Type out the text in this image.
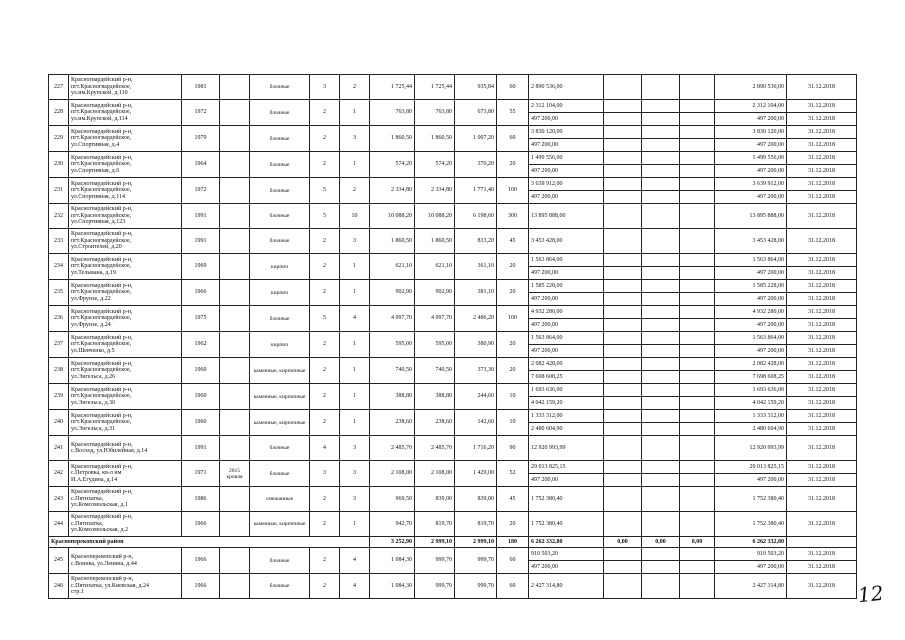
227	Красногвардейский р-н,
пгт.Красногвардейское,
ул.им.Крупской, д.110	1981		блочные	3	2	1 725,44	1 725,44	935,84	60	2 890 536,00				2 890 536,00	31.12.2018
228	Красногвардейский р-н,
пгт.Красногвардейское,
ул.им.Крупской, д.114	1972		блочные	2	1	763,80	763,80	673,80	55	2 312 104,00				2 312 104,00	31.12.2018
											497 200,00				497 200,00	31.12.2018
229	Красногвардейский р-н,
пгт.Красногвардейское,
ул.Спортивная, д.4	1979		блочные	2	3	1 860,50	1 860,50	1 007,20	60	3 830 120,00				3 830 120,00	31.12.2018
											497 200,00				497 200,00	31.12.2018
230	Красногвардейский р-н,
пгт.Красногвардейское,
ул.Спортивная, д.6	1964		блочные	2	1	574,20	574,20	370,20	20	1 499 556,00				1 499 556,00	31.12.2018
											497 200,00				497 200,00	31.12.2018
231	Красногвардейский р-н,
пгт.Красногвардейское,
ул.Спортивная, д.114	1972		блочные	5	2	2 334,80	2 334,80	1 771,40	100	3 639 912,00				3 639 912,00	31.12.2018
											497 200,00				497 200,00	31.12.2018
232	Красногвардейский р-н,
пгт.Красногвардейское,
ул.Спортивная, д.123	1991		блочные	5	10	10 088,20	10 088,20	6 198,60	300	13 895 888,00				13 895 888,00	31.12.2018
233	Красногвардейский р-н,
пгт.Красногвардейское,
ул.Строителей, д.20	1991		блочные	2	3	1 860,50	1 860,50	833,20	45	3 453 428,00				3 453 428,00	31.12.2018
234	Красногвардейский р-н,
пгт.Красногвардейское,
ул.Тельмана, д.19	1969		кирпич	2	1	621,10	621,10	361,10	20	1 563 864,00				1 563 864,00	31.12.2018
											497 200,00				497 200,00	31.12.2018
235	Красногвардейский р-н,
пгт.Красногвардейское,
ул.Фрунзе, д.22	1966		кирпич	2	1	902,90	902,90	381,10	20	1 585 228,00				1 585 228,00	31.12.2018
											497 200,00				497 200,00	31.12.2018
236	Красногвардейский р-н,
пгт.Красногвардейское,
ул.Фрунзе, д.24	1975		блочные	5	4	4 097,70	4 097,70	2 486,20	100	4 932 280,00				4 932 280,00	31.12.2018
											497 200,00				497 200,00	31.12.2018
237	Красногвардейский р-н,
пгт.Красногвардейское,
ул.Шевченко, д.5	1962		кирпич	2	1	595,00	595,00	380,90	20	1 563 864,00				1 563 864,00	31.12.2018
											497 200,00				497 200,00	31.12.2018
238	Красногвардейский р-н,
пгт.Красногвардейское,
ул.Энгельса, д.26	1960		каменные, кирпичные	2	1	740,50	740,50	373,30	20	2 082 428,00				2 082 428,00	31.12.2018
											7 698 608,25				7 698 608,25	31.12.2018
239	Красногвардейский р-н,
пгт.Красногвардейское,
ул.Энгельса, д.30	1960		каменные, кирпичные	2	1	388,80	388,80	244,60	10	1 693 636,00				1 693 636,00	31.12.2018
											4 042 159,20				4 042 159,20	31.12.2018
240	Красногвардейский р-н,
пгт.Красногвардейское,
ул.Энгельса, д.31	1960		каменные, кирпичные	2	1	238,60	238,60	142,60	10	1 333 312,00				1 333 312,00	31.12.2018
											2 480 604,90				2 480 604,90	31.12.2018
241	Красногвардейский р-н,
с.Восход, ул.Юбилейная, д.14	1991		блочные	4	3	2 485,70	2 485,70	1 716,20	90	12 920 993,99				12 920 993,99	31.12.2018
242	Красногвардейский р-н,
с.Петровка, кв-л им
И.А.Егудина, д.14	1971	2015 кровля	блочные	3	3	2 108,00	2 108,00	1 429,00	52	29 013 825,15				29 013 825,15	31.12.2018
											497 200,00				497 200,00	31.12.2018
243	Красногвардейский р-н,
с.Пятихатка,
ул.Комсомольская, д.1	1986		смешанные	2	3	969,50	839,00	839,00	45	1 752 380,40				1 752 380,40	31.12.2018
244	Красногвардейский р-н,
с.Пятихатка,
ул.Комсомольская, д.2	1966		каменные, кирпичные	2	1	942,70	819,70	819,70	20	1 752 380,40				1 752 380,40	31.12.2018
Красноперекопский район							3 252,90	2 999,10	2 999,10	180	6 262 332,80	0,00	0,00	0,00	6 262 332,80	
245	Красноперекопский р-н,
с.Воинка, ул.Ленина, д.44	1966		блочные	2	4	1 084,30	999,70	999,70	60	910 503,20				910 503,20	31.12.2018
											497 200,00				497 200,00	31.12.2018
246	Красноперекопский р-н,
с.Пятихатка, ул.Киевская, д.24
стр.1	1966		блочные	2	4	1 084,30	999,70	999,70	60	2 427 314,80				2 427 314,80	31.12.2018 12
